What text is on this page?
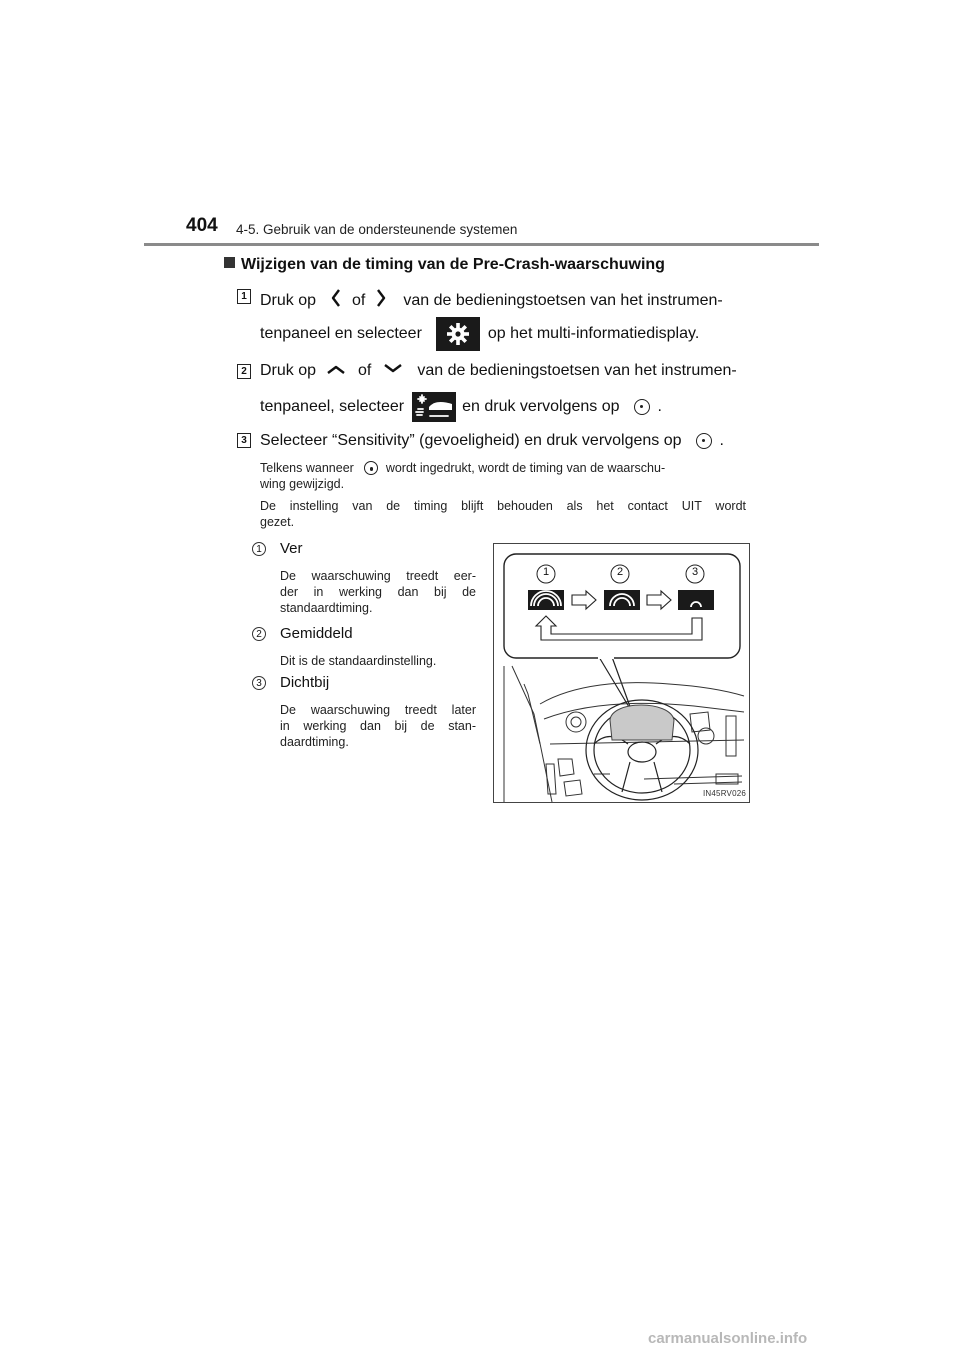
404 4-5. Gebruik van de ondersteunende systemen
Wijzigen van de timing van de Pre-Crash-waarschuwing
1 Druk op of van de bedieningstoetsen van het instrumen-
tenpaneel en selecteer	op het multi-informatiedisplay.
2 Druk op	of	van de bedieningstoetsen van het instrumen-
tenpaneel, selecteer	en druk vervolgens op .
3 Selecteer “Sensitivity” (gevoeligheid) en druk vervolgens op .
Telkens wanneer	wordt ingedrukt, wordt de timing van de waarschu-
wing gewijzigd.
De instelling van de timing blijft behouden als het contact UIT wordt
gezet.
1 Ver
De waarschuwing treedt eer-
der in werking dan bij de
standaardtiming.
2 Gemiddeld
Dit is de standaardinstelling.
3 Dichtbij
De waarschuwing treedt later
in werking dan bij de stan-
daardtiming.
1	2	3
IN45RV026
carmanualsonline.info
